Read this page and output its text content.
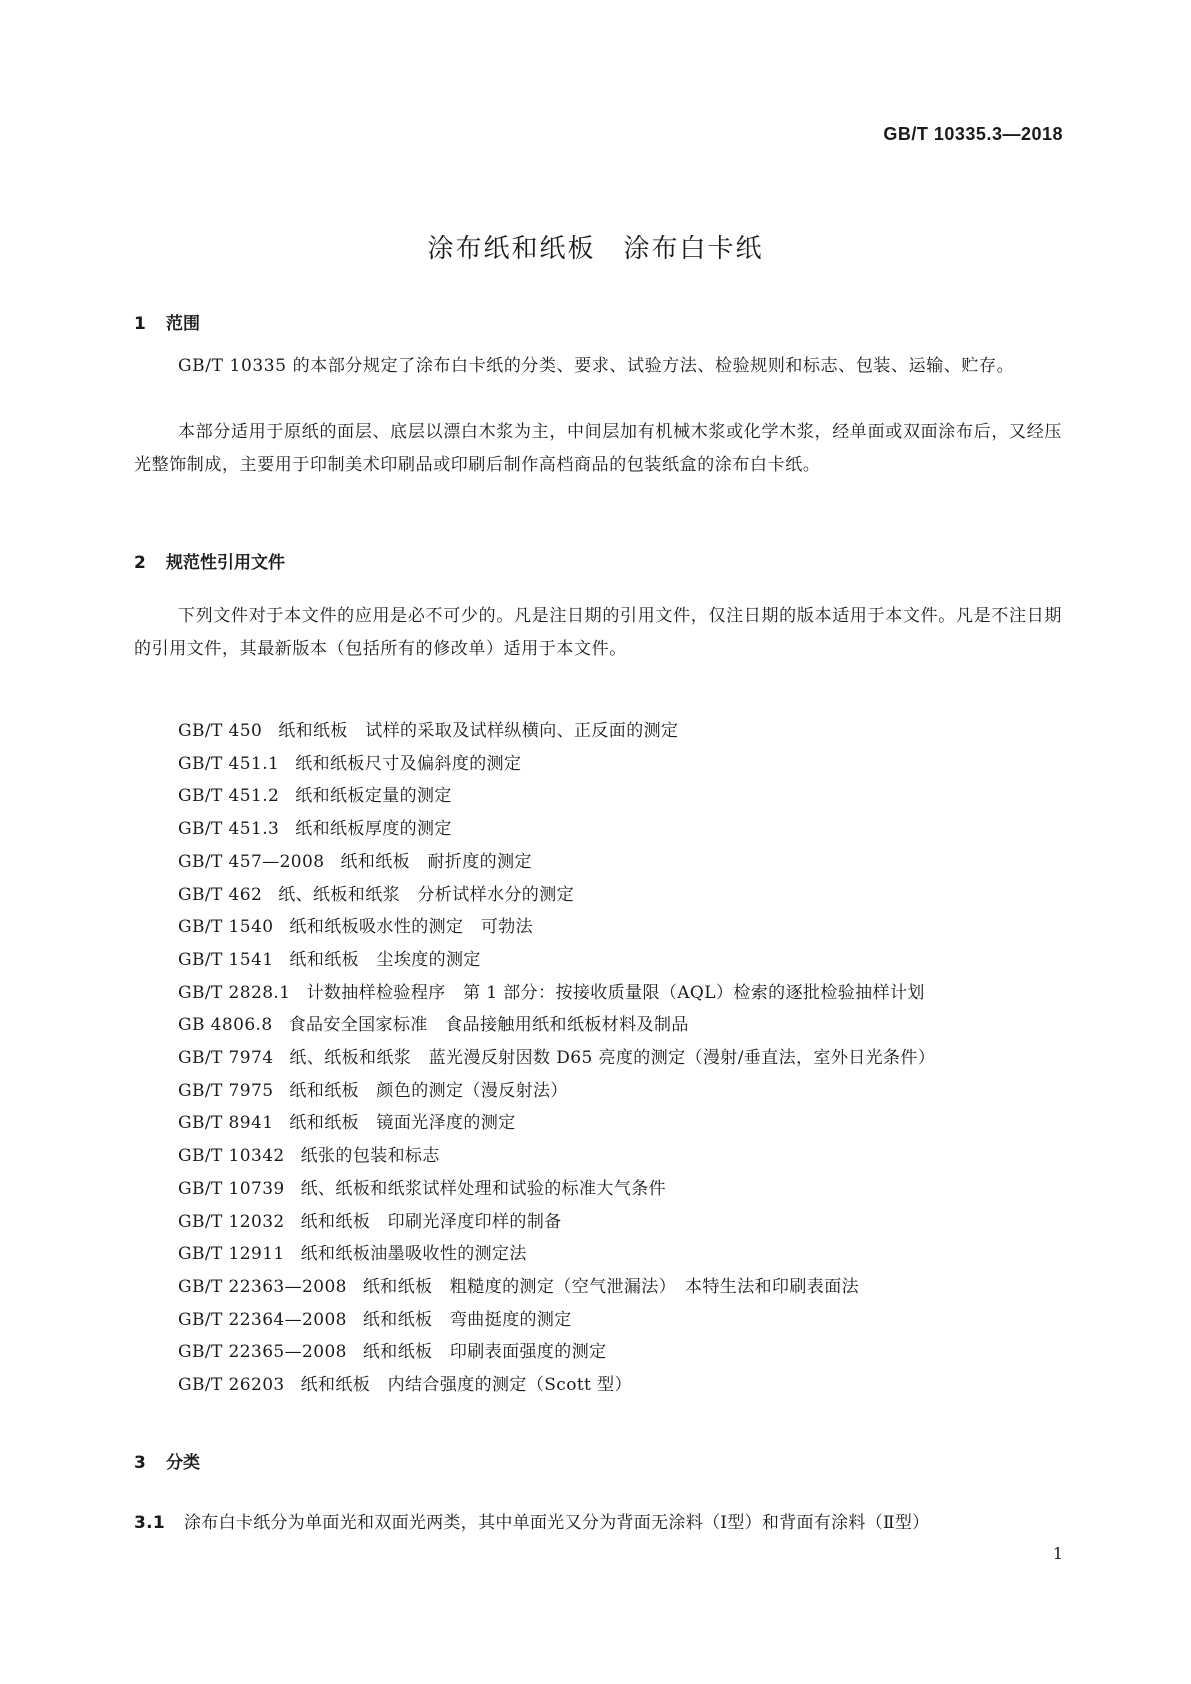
GB/T 10335.3—2018
涂布纸和纸板 涂布白卡纸
1 范围

GB/T 10335 的本部分规定了涂布白卡纸的分类、要求、试验方法、检验规则和标志、包装、运输、贮存。

本部分适用于原纸的面层、底层以漂白木浆为主，中间层加有机械木浆或化学木浆，经单面或双面涂布后，又经压光整饰制成，主要用于印制美术印刷品或印刷后制作高档商品的包装纸盒的涂布白卡纸。

2 规范性引用文件

下列文件对于本文件的应用是必不可少的。凡是注日期的引用文件，仅注日期的版本适用于本文件。凡是不注日期的引用文件，其最新版本（包括所有的修改单）适用于本文件。

GB/T 450 纸和纸板　试样的采取及试样纵横向、正反面的测定
GB/T 451.1 纸和纸板尺寸及偏斜度的测定
GB/T 451.2 纸和纸板定量的测定
GB/T 451.3 纸和纸板厚度的测定
GB/T 457—2008 纸和纸板　耐折度的测定
GB/T 462 纸、纸板和纸浆　分析试样水分的测定
GB/T 1540 纸和纸板吸水性的测定　可勃法
GB/T 1541 纸和纸板　尘埃度的测定
GB/T 2828.1 计数抽样检验程序　第 1 部分：按接收质量限（AQL）检索的逐批检验抽样计划
GB 4806.8 食品安全国家标准　食品接触用纸和纸板材料及制品
GB/T 7974 纸、纸板和纸浆　蓝光漫反射因数 D65 亮度的测定（漫射/垂直法，室外日光条件）
GB/T 7975 纸和纸板　颜色的测定（漫反射法）
GB/T 8941 纸和纸板　镜面光泽度的测定
GB/T 10342 纸张的包装和标志
GB/T 10739 纸、纸板和纸浆试样处理和试验的标准大气条件
GB/T 12032 纸和纸板　印刷光泽度印样的制备
GB/T 12911 纸和纸板油墨吸收性的测定法
GB/T 22363—2008 纸和纸板　粗糙度的测定（空气泄漏法）　本特生法和印刷表面法
GB/T 22364—2008 纸和纸板　弯曲挺度的测定
GB/T 22365—2008 纸和纸板　印刷表面强度的测定
GB/T 26203 纸和纸板　内结合强度的测定（Scott 型）
3 分类
3.1 涂布白卡纸分为单面光和双面光两类，其中单面光又分为背面无涂料（Ⅰ型）和背面有涂料（Ⅱ型）
1
